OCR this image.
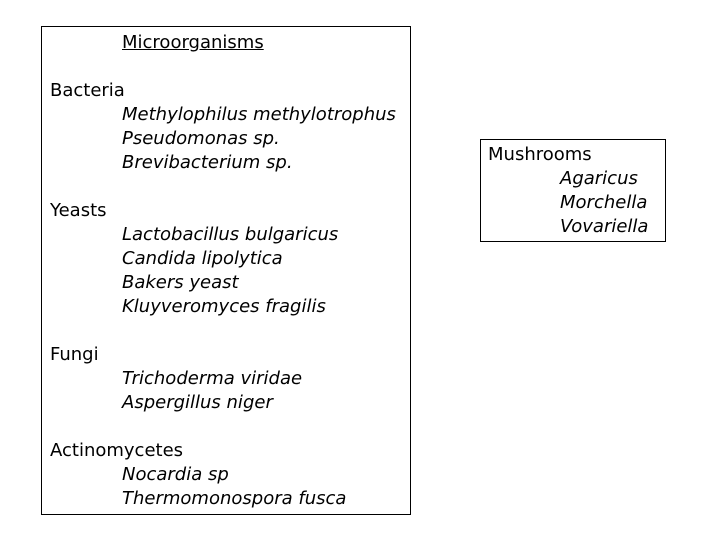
Microorganisms
Bacteria
Methylophilus methylotrophus
Pseudomonas sp.
Brevibacterium sp.
Yeasts
Lactobacillus bulgaricus
Candida lipolytica
Bakers yeast
Kluyveromyces fragilis
Fungi
Trichoderma viridae
Aspergillus niger
Actinomycetes
Nocardia sp
Thermomonospora fusca
Mushrooms
Agaricus
Morchella
Vovariella
